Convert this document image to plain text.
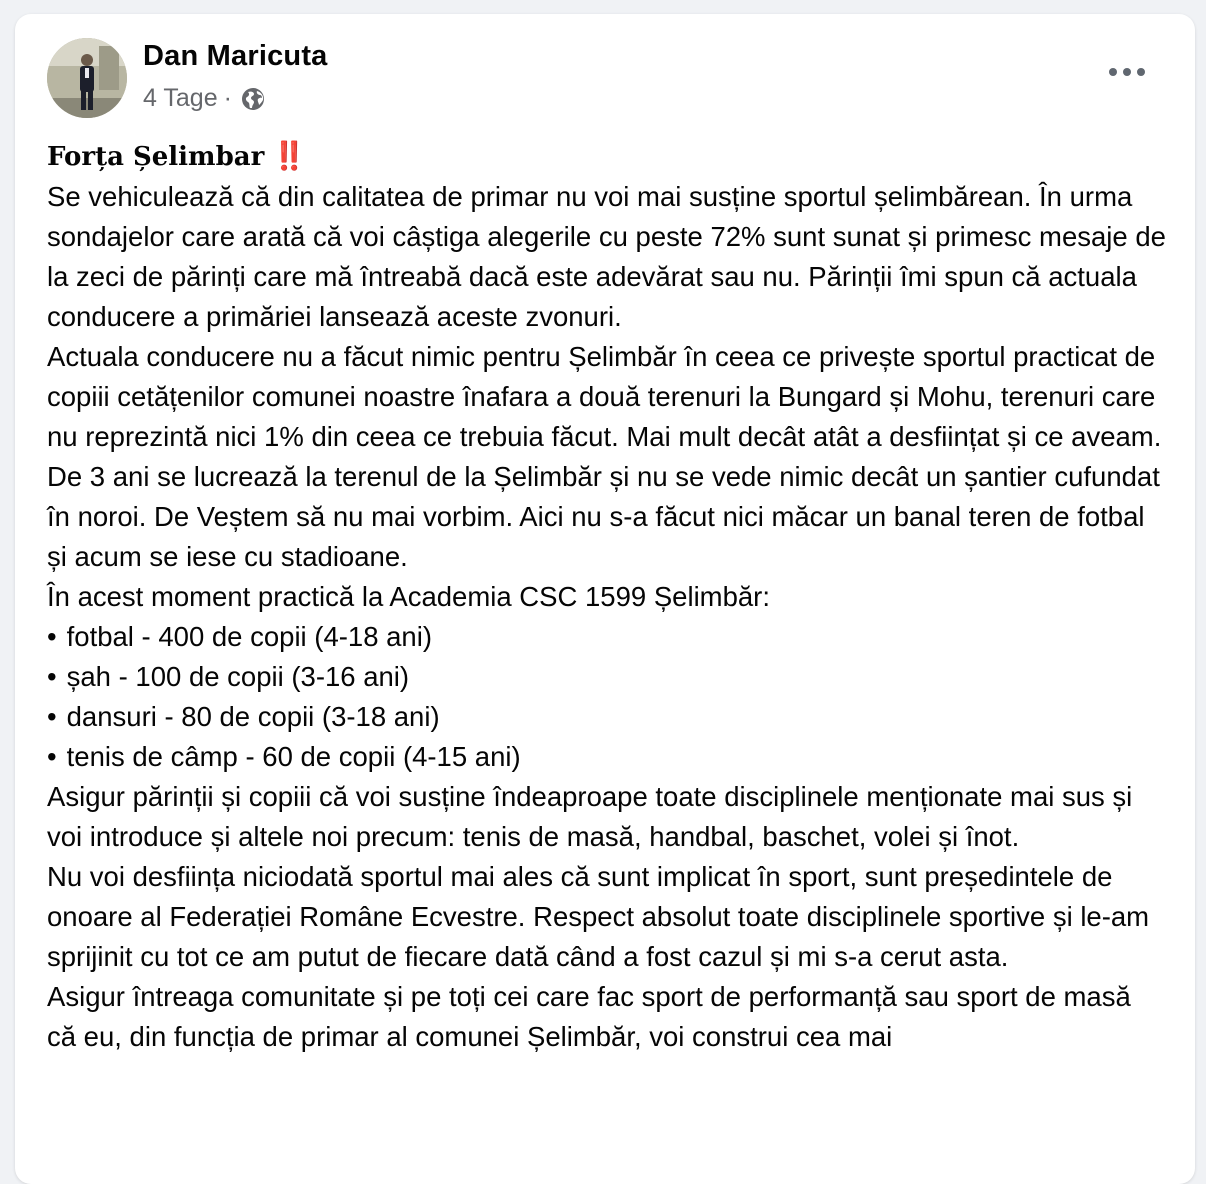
Dan Maricuta
4 Tage ·

Forța Șelimbar ‼️

Se vehiculează că din calitatea de primar nu voi mai susține sportul șelimbărean. În urma sondajelor care arată că voi câștiga alegerile cu peste 72% sunt sunat și primesc mesaje de la zeci de părinți care mă întreabă dacă este adevărat sau nu. Părinții îmi spun că actuala conducere a primăriei lansează aceste zvonuri.

Actuala conducere nu a făcut nimic pentru Șelimbăr în ceea ce privește sportul practicat de copiii cetățenilor comunei noastre înafara a două terenuri la Bungard și Mohu, terenuri care nu reprezintă nici 1% din ceea ce trebuia făcut. Mai mult decât atât a desființat și ce aveam. De 3 ani se lucrează la terenul de la Șelimbăr și nu se vede nimic decât un șantier cufundat în noroi. De Veștem să nu mai vorbim. Aici nu s-a făcut nici măcar un banal teren de fotbal și acum se iese cu stadioane.

În acest moment practică la Academia CSC 1599 Șelimbăr:

• fotbal - 400 de copii (4-18 ani)
• șah - 100 de copii (3-16 ani)
• dansuri - 80 de copii (3-18 ani)
• tenis de câmp - 60 de copii (4-15 ani)

Asigur părinții și copiii că voi susține îndeaproape toate disciplinele menționate mai sus și voi introduce și altele noi precum: tenis de masă, handbal, baschet, volei și înot.

Nu voi desființa niciodată sportul mai ales că sunt implicat în sport, sunt președintele de onoare al Federației Române Ecvestre. Respect absolut toate disciplinele sportive și le-am sprijinit cu tot ce am putut de fiecare dată când a fost cazul și mi s-a cerut asta.

Asigur întreaga comunitate și pe toți cei care fac sport de performanță sau sport de masă că eu, din funcția de primar al comunei Șelimbăr, voi construi cea mai
